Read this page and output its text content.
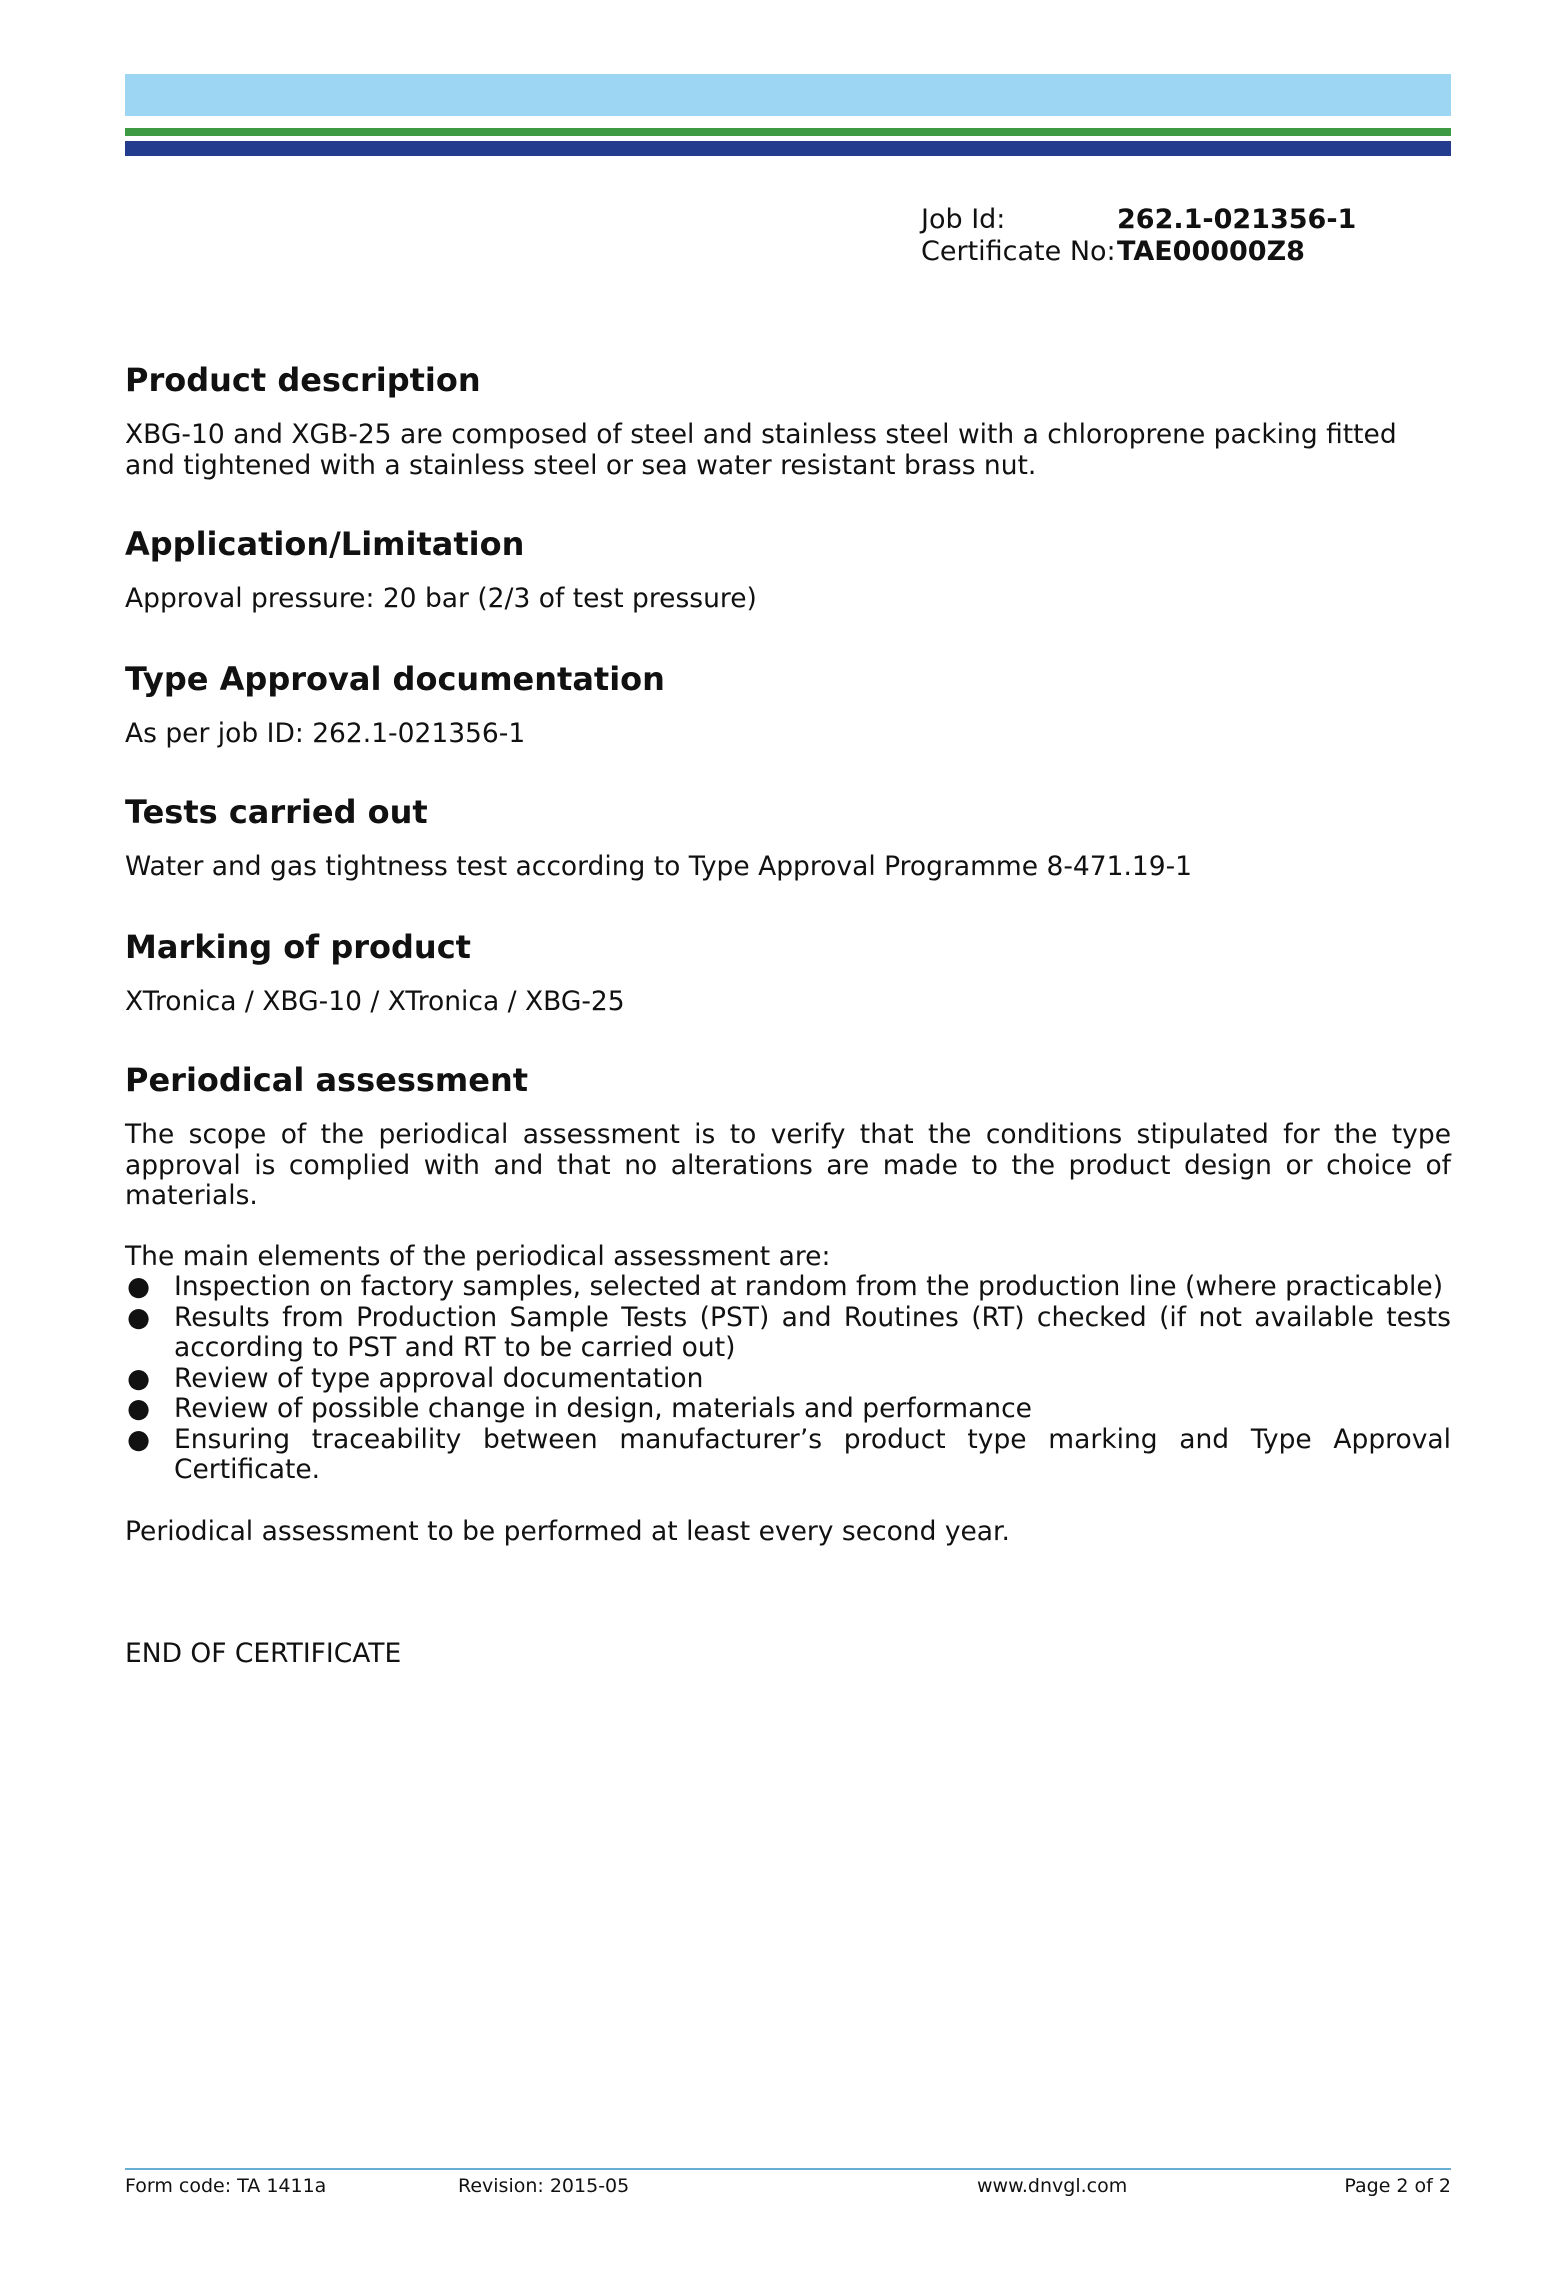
Job Id:	262.1-021356-1
Certificate No: TAE00000Z8
Product description

XBG-10 and XGB-25 are composed of steel and stainless steel with a chloroprene packing fitted and tightened with a stainless steel or sea water resistant brass nut.

Application/Limitation

Approval pressure: 20 bar (2/3 of test pressure)

Type Approval documentation

As per job ID: 262.1-021356-1

Tests carried out

Water and gas tightness test according to Type Approval Programme 8-471.19-1

Marking of product

XTronica / XBG-10 / XTronica / XBG-25

Periodical assessment

The scope of the periodical assessment is to verify that the conditions stipulated for the type approval is complied with and that no alterations are made to the product design or choice of materials.

The main elements of the periodical assessment are:

● Inspection on factory samples, selected at random from the production line (where practicable)
● Results from Production Sample Tests (PST) and Routines (RT) checked (if not available tests according to PST and RT to be carried out)
● Review of type approval documentation
● Review of possible change in design, materials and performance
● Ensuring traceability between manufacturer’s product type marking and Type Approval Certificate.

Periodical assessment to be performed at least every second year.

END OF CERTIFICATE

Form code: TA 1411a	Revision: 2015-05	www.dnvgl.com	Page 2 of 2
